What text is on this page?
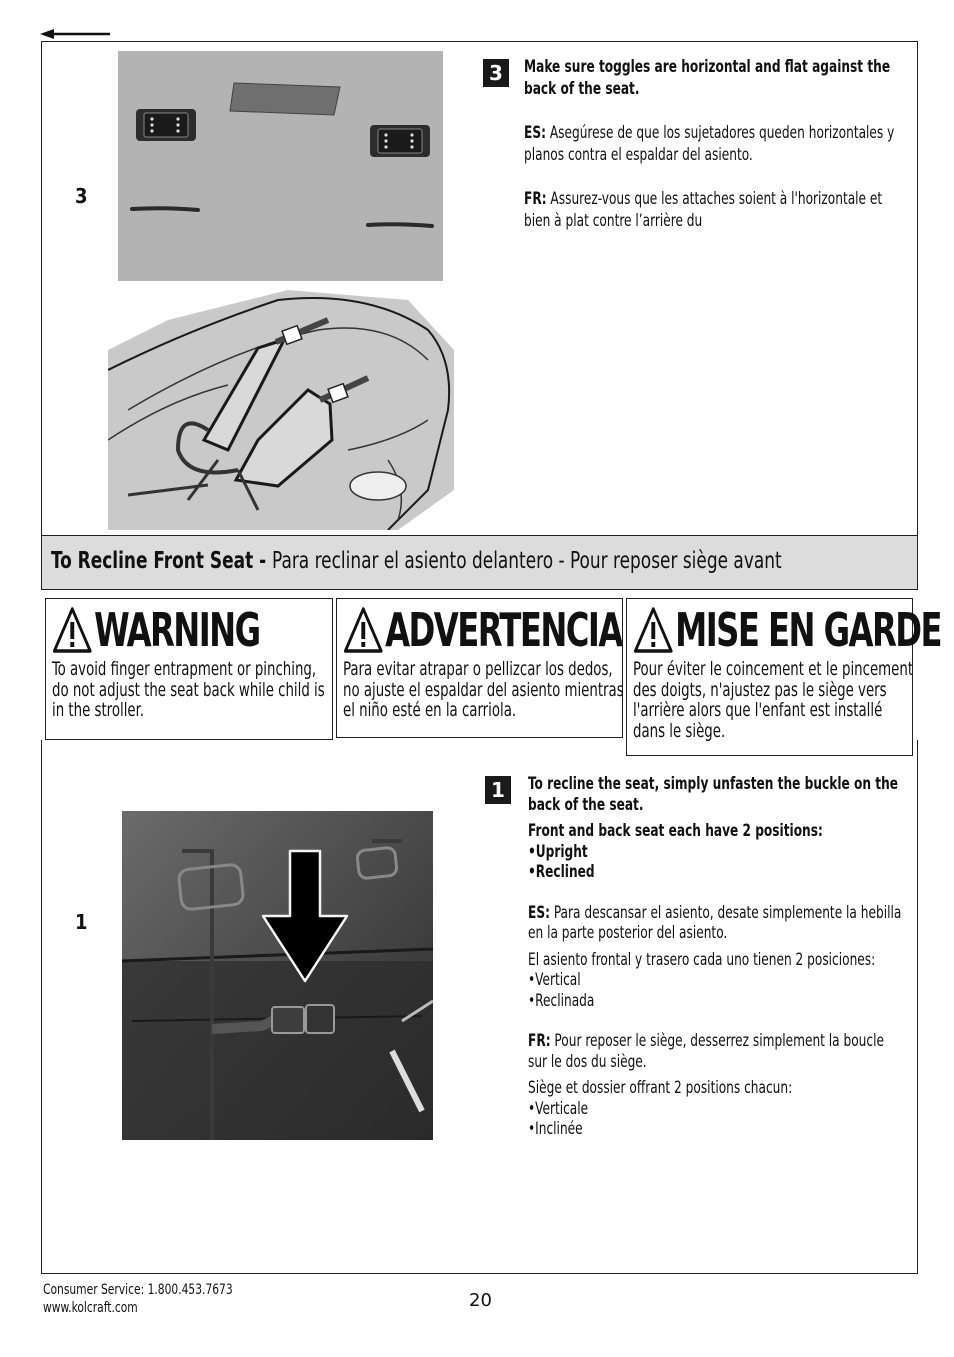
3
3	Make sure toggles are horizontal and flat against the back of the seat.
ES: Asegúrese de que los sujetadores queden horizontales y planos contra el espaldar del asiento.
FR: Assurez-vous que les attaches soient à l'horizontale et bien à plat contre l’arrière du
To Recline Front Seat - Para reclinar el asiento delantero - Pour reposer siège avant
WARNING
To avoid finger entrapment or pinching, do not adjust the seat back while child is in the stroller.
ADVERTENCIA
Para evitar atrapar o pellizcar los dedos, no ajuste el espaldar del asiento mientras el niño esté en la carriola.
MISE EN GARDE
Pour éviter le coincement et le pincement des doigts, n'ajustez pas le siège vers l'arrière alors que l'enfant est installé dans le siège.
1
1	To recline the seat, simply unfasten the buckle on the back of the seat.
Front and back seat each have 2 positions:
•Upright
•Reclined
ES: Para descansar el asiento, desate simplemente la hebilla en la parte posterior del asiento.
El asiento frontal y trasero cada uno tienen 2 posiciones:
•Vertical
•Reclinada
FR: Pour reposer le siège, desserrez simplement la boucle sur le dos du siège.
Siège et dossier offrant 2 positions chacun:
•Verticale
•Inclinée
Consumer Service: 1.800.453.7673
www.kolcraft.com	20
